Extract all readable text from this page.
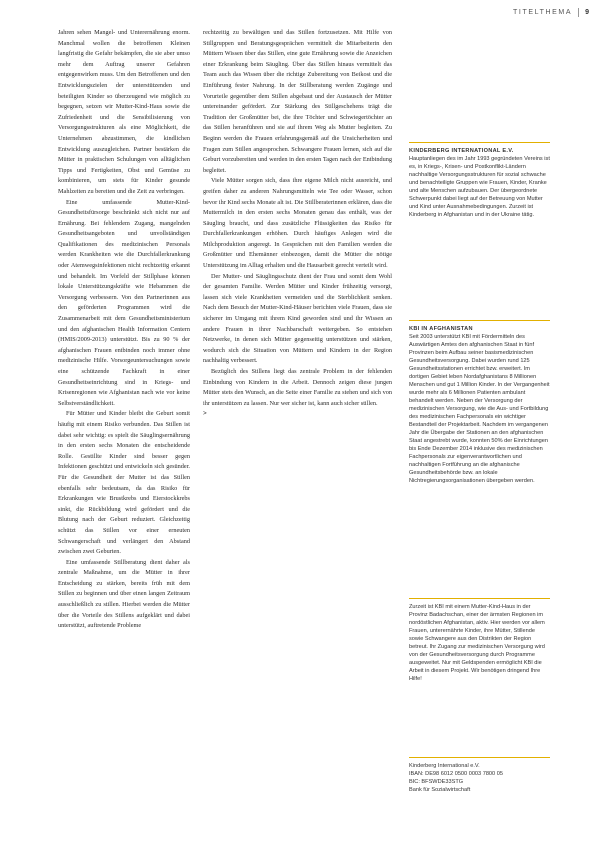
TITELTHEMA 9

Jahren sehen Mangel- und Unterernährung enorm. Manchmal wollen die betroffenen Kleinen langfristig die Gefahr bekämpfen, die sie aber umso mehr dem Auftrag unserer Gefahren entgegenwirken muss. Um den Betroffenen und den Entwicklungszielen der unterstützenden und beteiligten Kinder so überzeugend wie möglich zu begegnen, setzen wir Mutter-Kind-Haus sowie die Zufriedenheit und die Sensibilisierung von Versorgungsstrukturen als eine Möglichkeit, die Unternehmen abzustimmen, die kindlichen Entwicklung auszugleichen. Partner bestärken die Mütter in praktischen Schulungen von alltäglichen Tipps und Fertigkeiten, Obst und Gemüse zu kombinieren, um stets für Kinder gesunde Mahlzeiten zu bereiten und die Zeit zu verbringen.

Eine umfassende Mutter-Kind-Gesundheitsfürsorge beschränkt sich nicht nur auf Ernährung. Bei fehlendem Zugang, mangelnden Gesundheitsangeboten und unvollständigen Qualifikationen des medizinischen Personals werden Krankheiten wie die Durchfallerkrankung oder Atemwegsinfektionen nicht rechtzeitig erkannt und behandelt. Im Vorfeld der Stillphase können lokale Unterstützungskräfte wie Hebammen die Versorgung verbessern. Von den Partnerinnen aus den geförderten Programmen wird die Zusammenarbeit mit dem Gesundheitsministerium und den afghanischen Health Information Centern (HMIS/2009-2013) unterstützt. Bis zu 90 % der afghanischen Frauen entbinden noch immer ohne medizinische Hilfe. Vorsorgeuntersuchungen sowie eine schützende Fachkraft in einer Gesundheitseinrichtung sind in Kriegs- und Krisenregionen wie Afghanistan nach wie vor keine Selbstverständlichkeit.

Für Mütter und Kinder bleibt die Geburt somit häufig mit einem Risiko verbunden. Das Stillen ist dabei sehr wichtig: es spielt die Säuglingsernährung in den ersten sechs Monaten die entscheidende Rolle. Gestillte Kinder sind besser gegen Infektionen geschützt und entwickeln sich gesünder. Für die Gesundheit der Mutter ist das Stillen ebenfalls sehr bedeutsam, da das Risiko für Erkrankungen wie Brustkrebs und Eierstockkrebs sinkt, die Rückbildung wird gefördert und die Blutung nach der Geburt reduziert. Gleichzeitig schützt das Stillen vor einer erneuten Schwangerschaft und verlängert den Abstand zwischen zwei Geburten.

Eine umfassende Stillberatung dient daher als zentrale Maßnahme, um die Mütter in ihrer Entscheidung zu stärken, bereits früh mit dem Stillen zu beginnen und über einen langen Zeitraum ausschließlich zu stillen. Hierbei werden die Mütter über die Vorteile des Stillens aufgeklärt und dabei unterstützt, auftretende Probleme

rechtzeitig zu bewältigen und das Stillen fortzusetzen. Mit Hilfe von Stillgruppen und Beratungsgesprächen vermittelt die Mitarbeiterin den Müttern Wissen über das Stillen, eine gute Ernährung sowie die Anzeichen einer Erkrankung beim Säugling. Über das Stillen hinaus vermittelt das Team auch das Wissen über die richtige Zubereitung von Beikost und die Einführung fester Nahrung. In der Stillberatung werden Zugänge und Vorurteile gegenüber dem Stillen abgebaut und der Austausch der Mütter untereinander gefördert. Zur Stärkung des Stillgeschehens trägt die Tradition der Großmütter bei, die ihre Töchter und Schwiegertöchter an das Stillen heranführen und sie auf ihrem Weg als Mutter begleiten. Zu Beginn werden die Frauen erfahrungsgemäß auf die Unsicherheiten und Fragen zum Stillen angesprochen. Schwangere Frauen lernen, sich auf die Geburt vorzubereiten und werden in den ersten Tagen nach der Entbindung begleitet.

Viele Mütter sorgen sich, dass ihre eigene Milch nicht ausreicht, und greifen daher zu anderen Nahrungsmitteln wie Tee oder Wasser, schon bevor ihr Kind sechs Monate alt ist. Die Stillberaterinnen erklären, dass die Muttermilch in den ersten sechs Monaten genau das enthält, was der Säugling braucht, und dass zusätzliche Flüssigkeiten das Risiko für Durchfallerkrankungen erhöhen. Durch häufiges Anlegen wird die Milchproduktion angeregt. In Gesprächen mit den Familien werden die Großmütter und Ehemänner einbezogen, damit die Mütter die nötige Unterstützung im Alltag erhalten und die Hausarbeit gerecht verteilt wird.

Der Mutter- und Säuglingsschutz dient der Frau und somit dem Wohl der gesamten Familie. Werden Mütter und Kinder frühzeitig versorgt, lassen sich viele Krankheiten vermeiden und die Sterblichkeit senken. Nach dem Besuch der Mutter-Kind-Häuser berichten viele Frauen, dass sie sicherer im Umgang mit ihrem Kind geworden sind und ihr Wissen an andere Frauen in ihrer Nachbarschaft weitergeben. So entstehen Netzwerke, in denen sich Mütter gegenseitig unterstützen und stärken, wodurch sich die Situation von Müttern und Kindern in der Region nachhaltig verbessert.

Bezüglich des Stillens liegt das zentrale Problem in der fehlenden Einbindung von Kindern in die Arbeit. Dennoch zeigen diese jungen Mütter stets den Wunsch, an die Seite einer Familie zu stehen und sich von ihr unterstützen zu lassen. Nur wer sicher ist, kann auch sicher stillen.

>
KINDERBERG INTERNATIONAL E.V.
Hauptanliegen des im Jahr 1993 gegründeten Vereins ist es, in Kriegs-, Krisen- und Postkonflikt-Ländern nachhaltige Versorgungsstrukturen für sozial schwache und benachteiligte Gruppen wie Frauen, Kinder, Kranke und alte Menschen aufzubauen. Der übergeordnete Schwerpunkt dabei liegt auf der Betreuung von Mutter und Kind unter Ausnahmebedingungen. Zurzeit ist Kinderberg in Afghanistan und in der Ukraine tätig.
KBI IN AFGHANISTAN
Seit 2003 unterstützt KBI mit Fördermitteln des Auswärtigen Amtes den afghanischen Staat in fünf Provinzen beim Aufbau seiner basismedizinischen Gesundheitsversorgung. Dabei wurden rund 125 Gesundheitsstationen errichtet bzw. erweitert. Im dortigen Gebiet leben Nordafghanistans 8 Millionen Menschen und gut 1 Million Kinder. In der Vergangenheit wurde mehr als 6 Millionen Patienten ambulant behandelt werden. Neben der Versorgung der medizinischen Versorgung, wie die Aus- und Fortbildung des medizinischen Fachpersonals ein wichtiger Bestandteil der Projektarbeit. Nachdem im vergangenen Jahr die Übergabe der Stationen an den afghanischen Staat angestrebt wurde, konnten 50% der Einrichtungen bis Ende Dezember 2014 inklusive des medizinischen Fachpersonals zur eigenverantwortlichen und nachhaltigen Fortführung an die afghanische Gesundheitsbehörde bzw. an lokale Nichtregierungsorganisationen übergeben werden.
Zurzeit ist KBI mit einem Mutter-Kind-Haus in der Provinz Badachschan, einer der ärmsten Regionen im nordöstlichen Afghanistan, aktiv. Hier werden vor allem Frauen, unterernährte Kinder, ihre Mütter, Stillende sowie Schwangere aus den Distrikten der Region betreut. Ihr Zugang zur medizinischen Versorgung wird von der Gesundheitsversorgung durch Programme ausgeweitet. Nur mit Geldspenden ermöglicht KBI die Arbeit in diesem Projekt. Wir benötigen dringend Ihre Hilfe!
Kinderberg International e.V.
IBAN: DE98 6012 0500 0003 7800 05
BIC: BFSWDE33STG
Bank für Sozialwirtschaft
